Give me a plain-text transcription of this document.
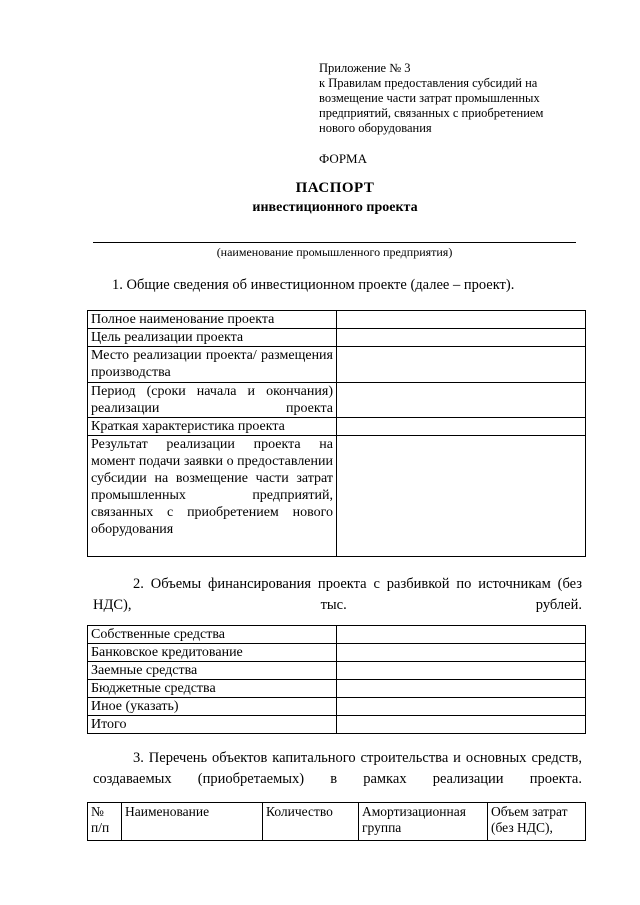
Приложение № 3
к Правилам предоставления субсидий на
возмещение части затрат промышленных
предприятий, связанных с приобретением
нового оборудования
ФОРМА
ПАСПОРТ
инвестиционного проекта
(наименование промышленного предприятия)
1. Общие сведения об инвестиционном проекте (далее – проект).
Полное наименование проекта	
Цель реализации проекта	
Место реализации проекта/ размещения производства	
Период (сроки начала и окончания) реализации проекта	
Краткая характеристика проекта	
Результат реализации проекта на момент подачи заявки о предоставлении субсидии на возмещение части затрат промышленных предприятий, связанных с приобретением нового оборудования	
2. Объемы финансирования проекта с разбивкой по источникам (без НДС), тыс. рублей.
Собственные средства	
Банковское кредитование	
Заемные средства	
Бюджетные средства	
Иное (указать)	
Итого	
3. Перечень объектов капитального строительства и основных средств, создаваемых (приобретаемых) в рамках реализации проекта.
№ п/п	Наименование	Количество	Амортизационная группа	Объем затрат (без НДС),
